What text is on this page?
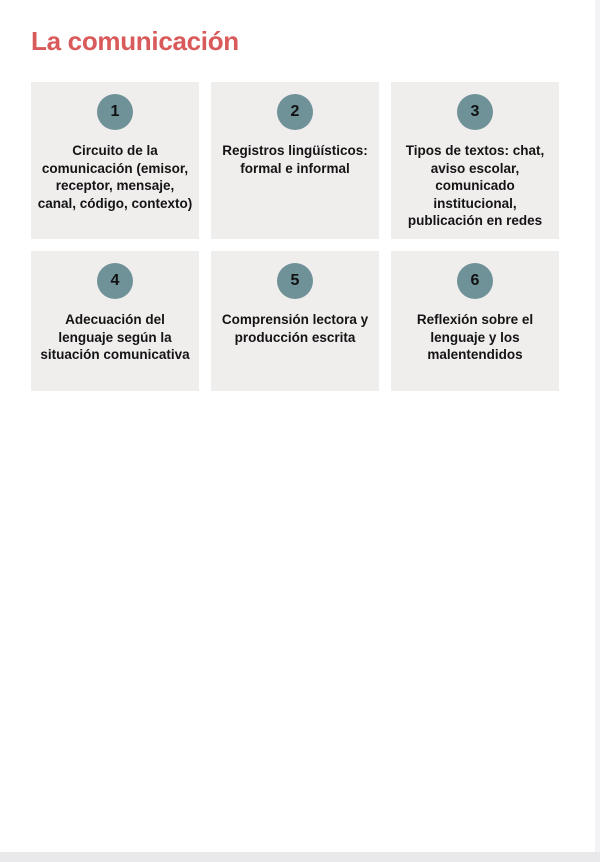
La comunicación
1
Circuito de la comunicación (emisor, receptor, mensaje, canal, código, contexto)
2
Registros lingüísticos: formal e informal
3
Tipos de textos: chat, aviso escolar, comunicado institucional, publicación en redes
4
Adecuación del lenguaje según la situación comunicativa
5
Comprensión lectora y producción escrita
6
Reflexión sobre el lenguaje y los malentendidos
